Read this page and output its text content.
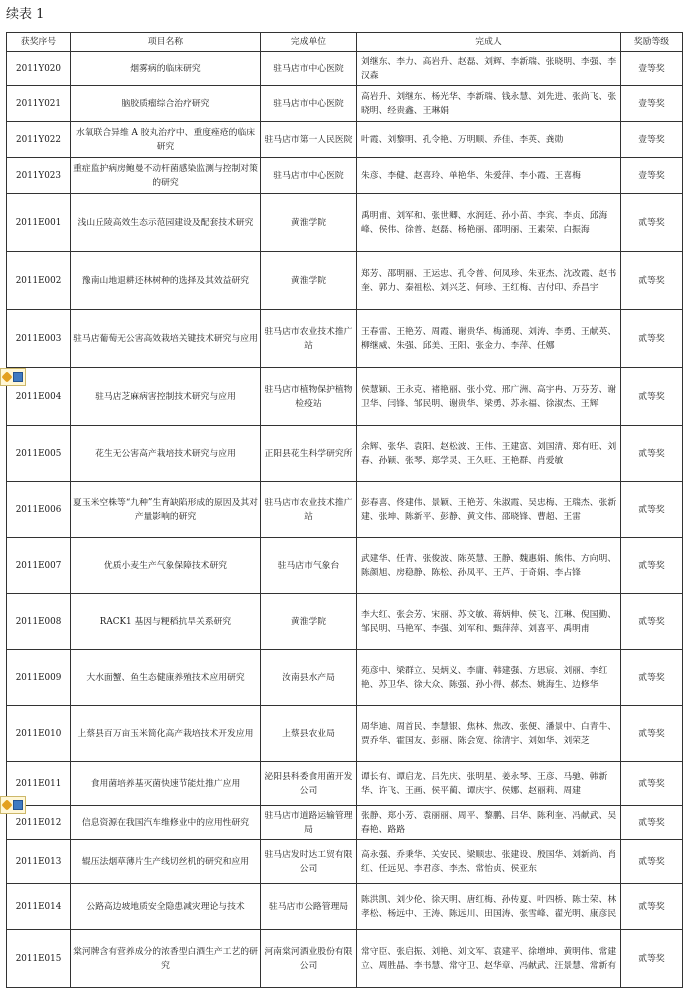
续表 1
获奖序号	项目名称	完成单位	完成人	奖励等级
2011Y020	烟雾病的临床研究	驻马店市中心医院	刘继东、李力、高岩升、赵磊、刘辉、李新瑞、张晓明、李强、李汉森	壹等奖
2011Y021	脑胶质瘤综合治疗研究	驻马店市中心医院	高岩升、刘继东、杨光华、李新瑞、钱永慧、刘先进、张尚飞、张晓明、经贵鑫、王琳娟	壹等奖
2011Y022	水氧联合异维 A 胶丸治疗中、重度痤疮的临床研究	驻马店市第一人民医院	叶霞、刘黎明、孔令艳、万明顺、乔佳、李英、龚勋	壹等奖
2011Y023	重症监护病房鲍曼不动杆菌感染监测与控制对策的研究	驻马店市中心医院	朱彦、李健、赵喜玲、单艳华、朱爱萍、李小霞、王喜梅	壹等奖
2011E001	浅山丘陵高效生态示范园建设及配套技术研究	黄淮学院	禹明甫、刘军和、张世卿、水润廷、孙小苗、李宾、李贞、邱海峰、侯伟、徐普、赵磊、杨艳丽、邵明丽、王素荣、白振海	贰等奖
2011E002	豫南山地退耕还林树种的选择及其效益研究	黄淮学院	郑芳、邵明丽、王运忠、孔令普、何凤珍、朱亚杰、沈改霞、赵书奎、郭力、秦祖松、刘兴芝、何珍、王红梅、吉付印、乔昌宇	贰等奖
2011E003	驻马店葡萄无公害高效栽培关键技术研究与应用	驻马店市农业技术推广站	王春雷、王艳芳、周霞、谢贵华、梅涌现、刘涛、李勇、王献英、柳继威、朱强、邱美、王阳、张金力、李萍、任娜	贰等奖
2011E004	驻马店芝麻病害控制技术研究与应用	驻马店市植物保护植物检疫站	侯慧颖、王永克、褚艳丽、张小党、邢广洲、高宇冉、万芬芳、谢卫华、闫锋、邹民明、谢贵华、梁勇、苏永福、徐淑杰、王辉	贰等奖
2011E005	花生无公害高产栽培技术研究与应用	正阳县花生科学研究所	余辉、张华、袁阳、赵松波、王伟、王建富、刘国清、郑有旺、刘春、孙颖、张琴、郑学灵、王久旺、王艳群、肖爱敏	贰等奖
2011E006	夏玉米空株等“九种”生育缺陷形成的原因及其对产量影响的研究	驻马店市农业技术推广站	彭春喜、佟建伟、景颖、王艳芳、朱淑霞、吴忠梅、王瑞杰、张新建、张坤、陈新平、彭静、黄文伟、邵晓锋、曹超、王雷	贰等奖
2011E007	优质小麦生产气象保障技术研究	驻马店市气象台	武建华、任青、张俊波、陈英慧、王静、魏惠娟、熊伟、方向明、陈颜旭、房稳静、陈松、孙凤平、王芦、于奇娟、李占锋	贰等奖
2011E008	RACK1 基因与粳稻抗旱关系研究	黄淮学院	李大红、张会芳、宋丽、苏文敏、蒋炳伸、侯飞、江琳、倪国勤、邹民明、马艳军、李强、刘军和、甄萍萍、刘喜平、禹明甫	贰等奖
2011E009	大水面蟹、鱼生态健康养殖技术应用研究	汝南县水产局	苑彦中、梁群立、吴炳义、李庸、韩建强、方思宸、刘丽、李红艳、苏卫华、徐大众、陈强、孙小得、郝杰、姚海生、边修华	贰等奖
2011E010	上蔡县百万亩玉米简化高产栽培技术开发应用	上蔡县农业局	周华迪、周首民、李慧银、焦林、焦改、张便、潘景中、白青牛、贾乔华、霍国友、彭丽、陈会宽、徐清宇、刘如华、刘荣芝	贰等奖
2011E011	食用菌培养基灭菌快速节能灶推广应用	泌阳县科委食用菌开发公司	谭长有、谭启龙、吕先庆、张明星、姜永琴、王彦、马驰、韩新华、许飞、王画、侯平蔺、谭庆宇、侯娜、赵丽莉、周建	贰等奖
2011E012	信息资源在我国汽车维修业中的应用性研究	驻马店市道路运输管理局	张静、郑小芳、袁丽丽、周平、黎鹏、吕华、陈利奎、冯献武、吴春艳、路路	贰等奖
2011E013	辊压法烟草薄片生产线切丝机的研究和应用	驻马店发时达工贸有限公司	高永强、乔秉华、关安民、梁顺忠、张建设、殷国华、刘新尚、肖红、任远见、李君彦、李杰、常怡贞、侯亚东	贰等奖
2011E014	公路高边坡地质安全隐患减灾理论与技术	驻马店市公路管理局	陈洪凯、刘少伦、徐天明、唐红梅、孙传夏、叶四桥、陈士荣、林孝松、杨远中、王涛、陈远川、田国涛、张雪峰、翟光明、康彦民	贰等奖
2011E015	棠河牌含有营养成分的浓香型白酒生产工艺的研究	河南棠河酒业股份有限公司	常守臣、张启振、刘艳、刘文军、袁建平、徐增坤、黄明伟、常建立、周胜晶、李书慧、常守卫、赵华章、冯献武、汪景慧、常新有	贰等奖
